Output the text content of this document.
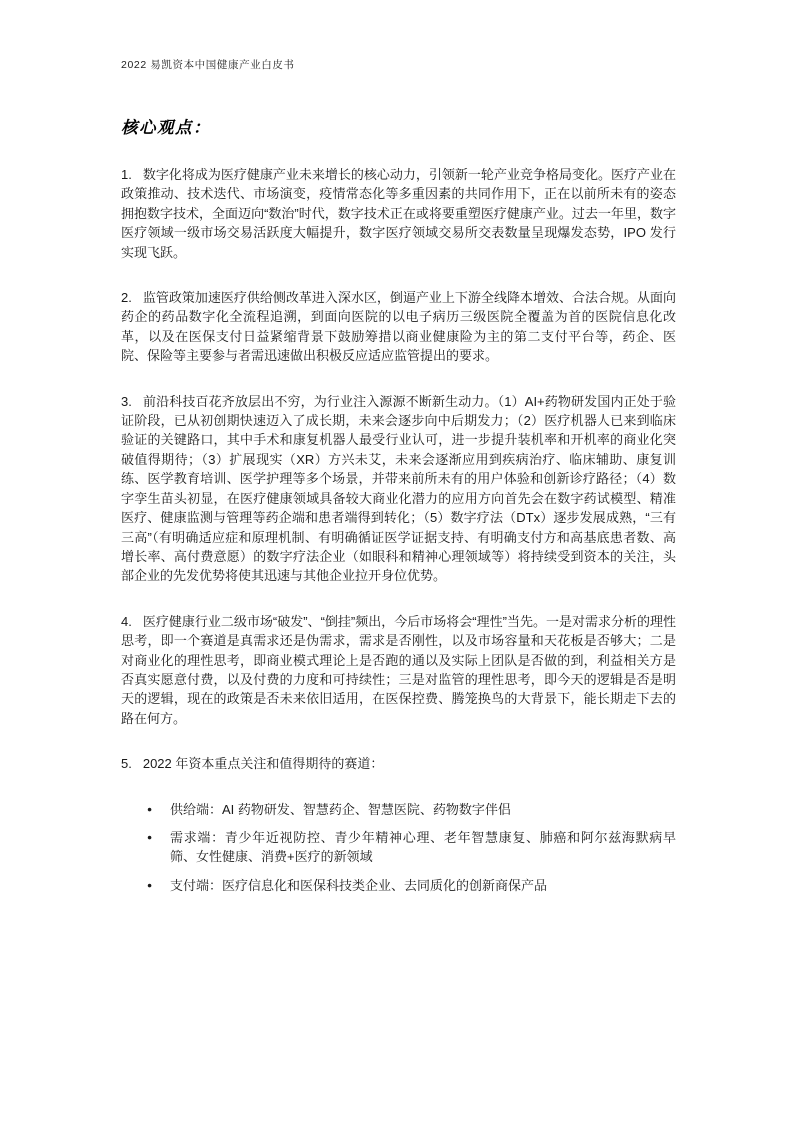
2022 易凯资本中国健康产业白皮书
核心观点：

1. 数字化将成为医疗健康产业未来增长的核心动力，引领新一轮产业竞争格局变化。医疗产业在政策推动、技术迭代、市场演变，疫情常态化等多重因素的共同作用下，正在以前所未有的姿态拥抱数字技术，全面迈向“数治”时代，数字技术正在或将要重塑医疗健康产业。过去一年里，数字医疗领域一级市场交易活跃度大幅提升，数字医疗领域交易所交表数量呈现爆发态势，IPO 发行实现飞跃。

2. 监管政策加速医疗供给侧改革进入深水区，倒逼产业上下游全线降本增效、合法合规。从面向药企的药品数字化全流程追溯，到面向医院的以电子病历三级医院全覆盖为首的医院信息化改革，以及在医保支付日益紧缩背景下鼓励筹措以商业健康险为主的第二支付平台等，药企、医院、保险等主要参与者需迅速做出积极反应适应监管提出的要求。

3. 前沿科技百花齐放层出不穷，为行业注入源源不断新生动力。（1）AI+药物研发国内正处于验证阶段，已从初创期快速迈入了成长期，未来会逐步向中后期发力；（2）医疗机器人已来到临床验证的关键路口，其中手术和康复机器人最受行业认可，进一步提升装机率和开机率的商业化突破值得期待；（3）扩展现实（XR）方兴未艾，未来会逐渐应用到疾病治疗、临床辅助、康复训练、医学教育培训、医学护理等多个场景，并带来前所未有的用户体验和创新诊疗路径；（4）数字孪生苗头初显，在医疗健康领域具备较大商业化潜力的应用方向首先会在数字药试模型、精准医疗、健康监测与管理等药企端和患者端得到转化；（5）数字疗法（DTx）逐步发展成熟，“三有三高”（有明确适应症和原理机制、有明确循证医学证据支持、有明确支付方和高基底患者数、高增长率、高付费意愿）的数字疗法企业（如眼科和精神心理领域等）将持续受到资本的关注，头部企业的先发优势将使其迅速与其他企业拉开身位优势。

4. 医疗健康行业二级市场“破发”、“倒挂”频出，今后市场将会“理性”当先。一是对需求分析的理性思考，即一个赛道是真需求还是伪需求，需求是否刚性，以及市场容量和天花板是否够大；二是对商业化的理性思考，即商业模式理论上是否跑的通以及实际上团队是否做的到，利益相关方是否真实愿意付费，以及付费的力度和可持续性；三是对监管的理性思考，即今天的逻辑是否是明天的逻辑，现在的政策是否未来依旧适用，在医保控费、腾笼换鸟的大背景下，能长期走下去的路在何方。

5. 2022 年资本重点关注和值得期待的赛道：

● 供给端：AI 药物研发、智慧药企、智慧医院、药物数字伴侣
● 需求端：青少年近视防控、青少年精神心理、老年智慧康复、肺癌和阿尔兹海默病早筛、女性健康、消费+医疗的新领域
● 支付端：医疗信息化和医保科技类企业、去同质化的创新商保产品
